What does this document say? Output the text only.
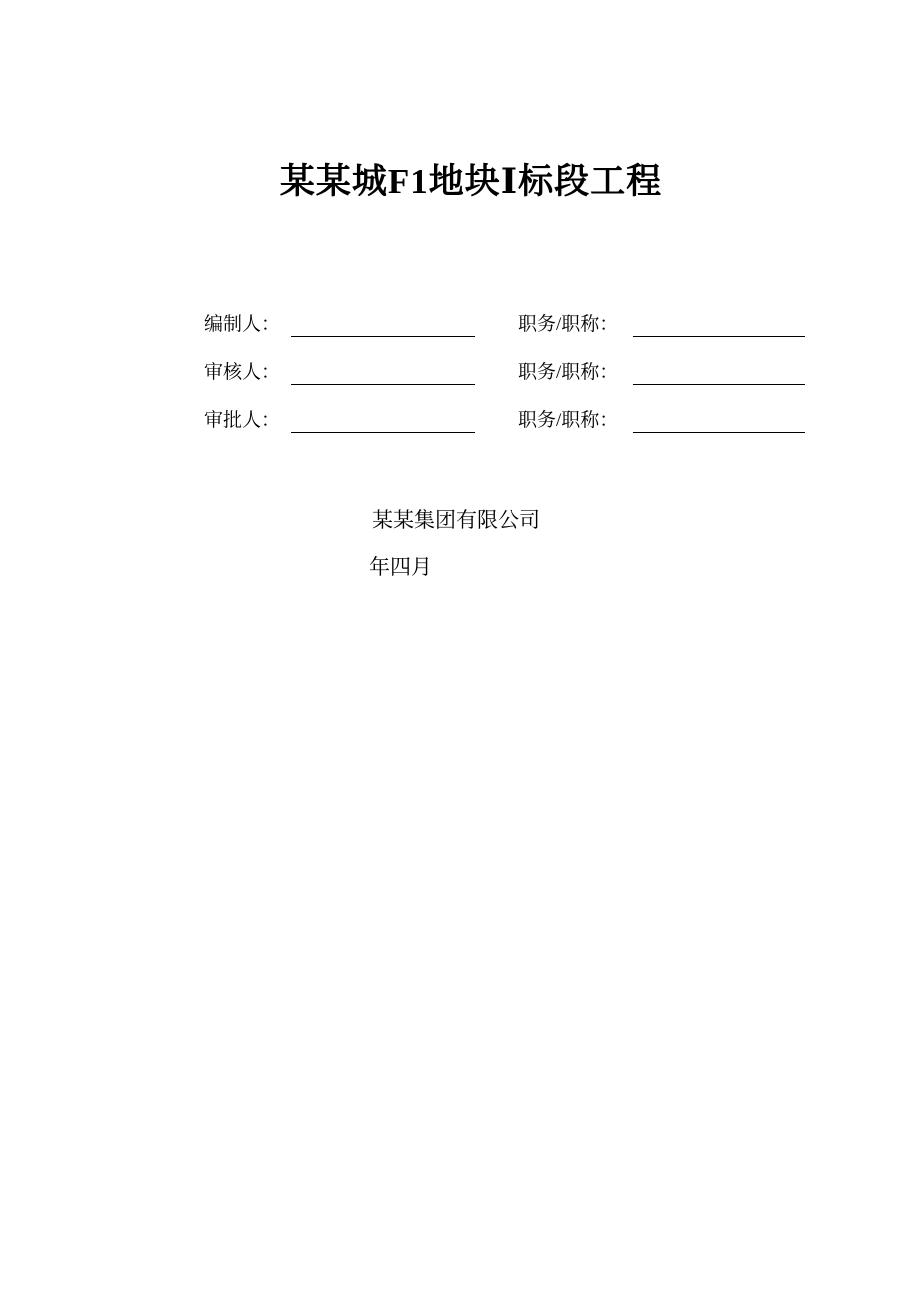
某某城F1地块Ⅰ标段工程
编制人：	职务/职称：
审核人：	职务/职称：
审批人：	职务/职称：
某某集团有限公司
年四月
